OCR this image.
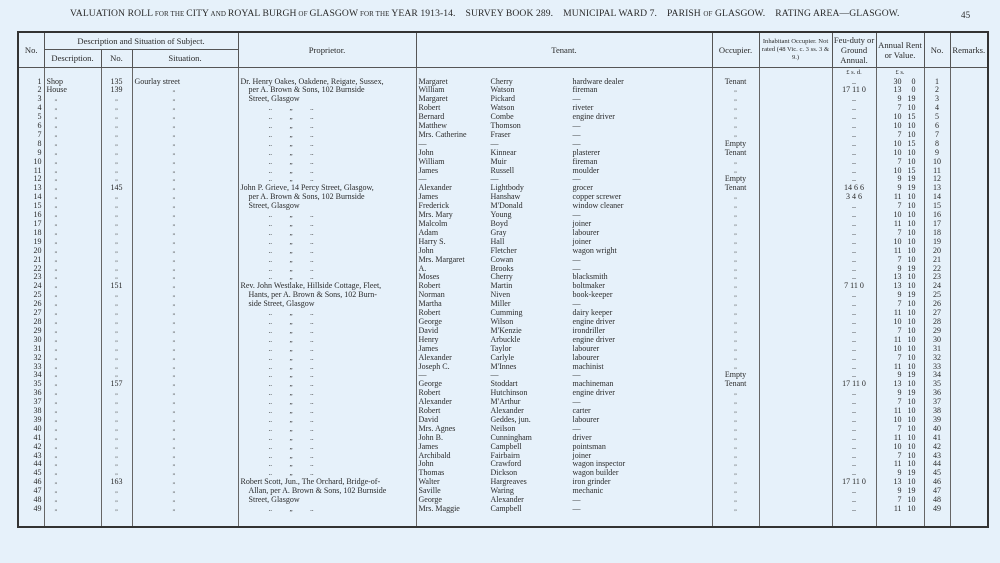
VALUATION ROLL FOR THE CITY AND ROYAL BURGH OF GLASGOW FOR THE YEAR 1913-14.    SURVEY BOOK 289.    MUNICIPAL WARD 7.    PARISH OF GLASGOW.    RATING AREA—GLASGOW.	45
No.	Description and Situation of Subject.			Proprietor.	Tenant.	Occupier.	Inhabitant Occupier. Not rated (48 Vic. c. 3 ss. 3 & 9.)	Feu-duty or Ground Annual.	Annual Rent or Value.	No.	Remarks.
	Description.	No.	Situation.								
								£ s. d.	£ s.		
1	Shop	135	Gourlay street	Dr. Henry Oakes, Oakdene, Reigate, Sussex,	Margaret Cherry hardware dealer	Tenant		..	30 0	1	
2	House	139	„	per A. Brown & Sons, 102 Burnside	William Watson fireman	„		17 11 0	13 0	2	
3	„	„	„	Street, Glasgow	Margaret Pickard —	„		..	9 19	3	
4	„	„	„	..          „          ..	Robert Watson riveter	„		..	7 10	4	
5	„	„	„	..          „          ..	Bernard Combe engine driver	„		..	10 15	5	
6	„	„	„	..          „          ..	Matthew Thomson —	„		..	10 10	6	
7	„	„	„	..          „          ..	Mrs. Catherine Fraser —	„		..	7 10	7	
8	„	„	„	..          „          ..	— — —	Empty		..	10 15	8	
9	„	„	„	..          „          ..	John Kinnear plasterer	Tenant		..	10 10	9	
10	„	„	„	..          „          ..	William Muir fireman	„		..	7 10	10	
11	„	„	„	..          „          ..	James Russell moulder	„		..	10 15	11	
12	„	„	„	..          „          ..	— — —	Empty		..	9 19	12	
13	„	145	„	John P. Grieve, 14 Percy Street, Glasgow,	Alexander Lightbody grocer	Tenant		14 6 6	9 19	13	
14	„	„	„	per A. Brown & Sons, 102 Burnside	James Hanshaw copper screwer	„		3 4 6	11 10	14	
15	„	„	„	Street, Glasgow	Frederick M'Donald window cleaner	„		..	7 10	15	
16	„	„	„	..          „          ..	Mrs. Mary Young —	„		..	10 10	16	
17	„	„	„	..          „          ..	Malcolm Boyd joiner	„		..	11 10	17	
18	„	„	„	..          „          ..	Adam Gray labourer	„		..	7 10	18	
19	„	„	„	..          „          ..	Harry S. Hall joiner	„		..	10 10	19	
20	„	„	„	..          „          ..	John Fletcher wagon wright	„		..	11 10	20	
21	„	„	„	..          „          ..	Mrs. Margaret Cowan —	„		..	7 10	21	
22	„	„	„	..          „          ..	A. Brooks —	„		..	9 19	22	
23	„	„	„	..          „          ..	Moses Cherry blacksmith	„		..	13 10	23	
24	„	151	„	Rev. John Westlake, Hillside Cottage, Fleet,	Robert Martin boltmaker	„		7 11 0	13 10	24	
25	„	„	„	Hants, per A. Brown & Sons, 102 Burn-	Norman Niven book-keeper	„		..	9 19	25	
26	„	„	„	side Street, Glasgow	Martha Miller —	„		..	7 10	26	
27	„	„	„	..          „          ..	Robert Cumming dairy keeper	„		..	11 10	27	
28	„	„	„	..          „          ..	George Wilson engine driver	„		..	10 10	28	
29	„	„	„	..          „          ..	David M'Kenzie irondriller	„		..	7 10	29	
30	„	„	„	..          „          ..	Henry Arbuckle engine driver	„		..	11 10	30	
31	„	„	„	..          „          ..	James Taylor labourer	„		..	10 10	31	
32	„	„	„	..          „          ..	Alexander Carlyle labourer	„		..	7 10	32	
33	„	„	„	..          „          ..	Joseph C. M'Innes machinist	„		..	11 10	33	
34	„	„	„	..          „          ..	— — —	Empty		..	9 19	34	
35	„	157	„	..          „          ..	George Stoddart machineman	Tenant		17 11 0	13 10	35	
36	„	„	„	..          „          ..	Robert Hutchinson engine driver	„		..	9 19	36	
37	„	„	„	..          „          ..	Alexander M'Arthur —	„		..	7 10	37	
38	„	„	„	..          „          ..	Robert Alexander carter	„		..	11 10	38	
39	„	„	„	..          „          ..	David Geddes, jun. labourer	„		..	10 10	39	
40	„	„	„	..          „          ..	Mrs. Agnes Neilson —	„		..	7 10	40	
41	„	„	„	..          „          ..	John B. Cunningham driver	„		..	11 10	41	
42	„	„	„	..          „          ..	James Campbell pointsman	„		..	10 10	42	
43	„	„	„	..          „          ..	Archibald Fairbairn joiner	„		..	7 10	43	
44	„	„	„	..          „          ..	John Crawford wagon inspector	„		..	11 10	44	
45	„	„	„	..          „          ..	Thomas Dickson wagon builder	„		..	9 19	45	
46	„	163	„	Robert Scott, Jun., The Orchard, Bridge-of-	Walter Hargreaves iron grinder	„		17 11 0	13 10	46	
47	„	„	„	Allan, per A. Brown & Sons, 102 Burnside	Saville Waring mechanic	„		..	9 19	47	
48	„	„	„	Street, Glasgow	George Alexander —	„		..	7 10	48	
49	„	„	„	..          „          ..	Mrs. Maggie Campbell —	„		..	11 10	49	
